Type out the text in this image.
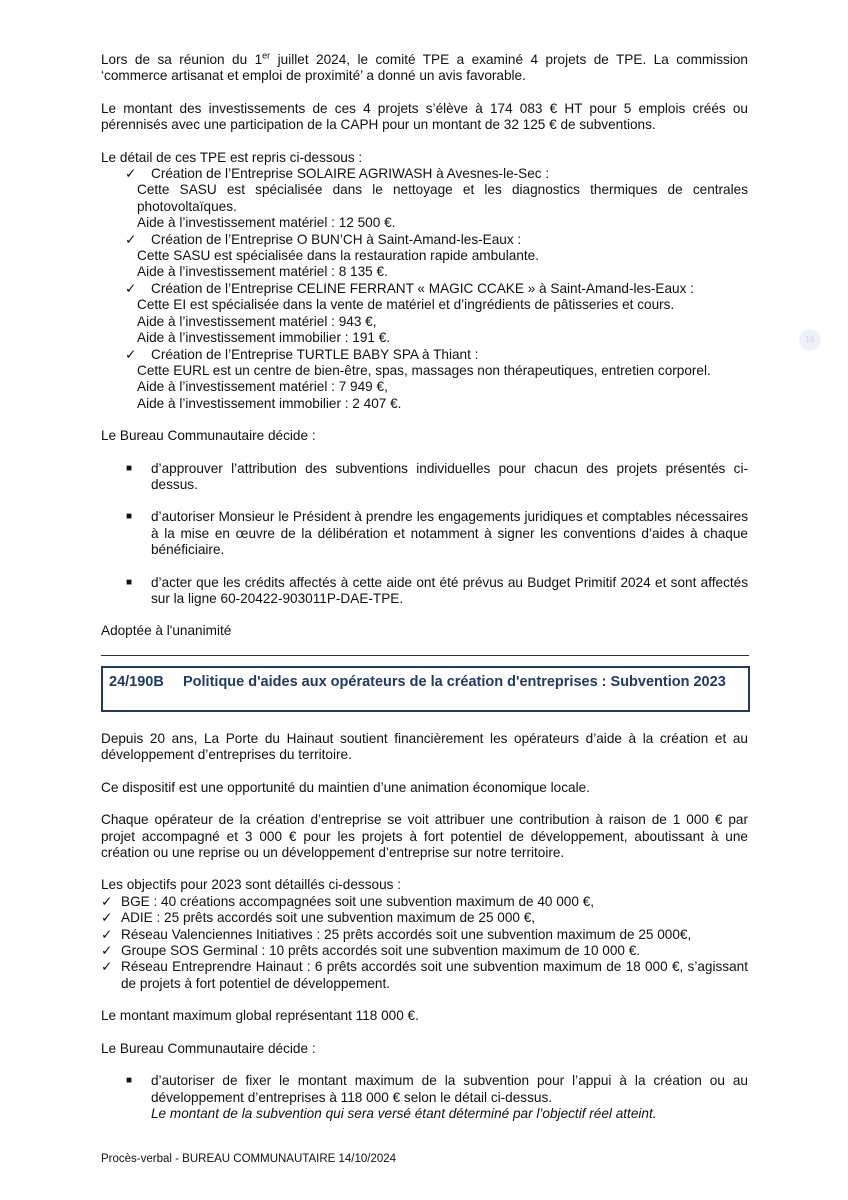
Lors de sa réunion du 1er juillet 2024, le comité TPE a examiné 4 projets de TPE. La commission ‘commerce artisanat et emploi de proximité’ a donné un avis favorable.

Le montant des investissements de ces 4 projets s’élève à 174 083 € HT pour 5 emplois créés ou pérennisés avec une participation de la CAPH pour un montant de 32 125 € de subventions.

Le détail de ces TPE est repris ci-dessous :

✓ Création de l’Entreprise SOLAIRE AGRIWASH à Avesnes-le-Sec :
Cette SASU est spécialisée dans le nettoyage et les diagnostics thermiques de centrales photovoltaïques.
Aide à l’investissement matériel : 12 500 €.
✓ Création de l’Entreprise O BUN’CH à Saint-Amand-les-Eaux :
Cette SASU est spécialisée dans la restauration rapide ambulante.
Aide à l’investissement matériel : 8 135 €.
✓ Création de l’Entreprise CELINE FERRANT « MAGIC CCAKE » à Saint-Amand-les-Eaux :
Cette EI est spécialisée dans la vente de matériel et d’ingrédients de pâtisseries et cours.
Aide à l’investissement matériel : 943 €,
Aide à l’investissement immobilier : 191 €.
✓ Création de l’Entreprise TURTLE BABY SPA à Thiant :
Cette EURL est un centre de bien-être, spas, massages non thérapeutiques, entretien corporel.
Aide à l’investissement matériel : 7 949 €,
Aide à l’investissement immobilier : 2 407 €.

Le Bureau Communautaire décide :

■ d’approuver l’attribution des subventions individuelles pour chacun des projets présentés ci-dessus.
■ d’autoriser Monsieur le Président à prendre les engagements juridiques et comptables nécessaires à la mise en œuvre de la délibération et notamment à signer les conventions d’aides à chaque bénéficiaire.
■ d’acter que les crédits affectés à cette aide ont été prévus au Budget Primitif 2024 et sont affectés sur la ligne 60-20422-903011P-DAE-TPE.

Adoptée à l'unanimité

24/190B Politique d'aides aux opérateurs de la création d'entreprises : Subvention 2023
16

Depuis 20 ans, La Porte du Hainaut soutient financièrement les opérateurs d’aide à la création et au développement d’entreprises du territoire.

Ce dispositif est une opportunité du maintien d’une animation économique locale.

Chaque opérateur de la création d’entreprise se voit attribuer une contribution à raison de 1 000 € par projet accompagné et 3 000 € pour les projets à fort potentiel de développement, aboutissant à une création ou une reprise ou un développement d’entreprise sur notre territoire.

Les objectifs pour 2023 sont détaillés ci-dessous :

✓ BGE : 40 créations accompagnées soit une subvention maximum de 40 000 €,
✓ ADIE : 25 prêts accordés soit une subvention maximum de 25 000 €,
✓ Réseau Valenciennes Initiatives : 25 prêts accordés soit une subvention maximum de 25 000€,
✓ Groupe SOS Germinal : 10 prêts accordés soit une subvention maximum de 10 000 €.
✓ Réseau Entreprendre Hainaut : 6 prêts accordés soit une subvention maximum de 18 000 €, s’agissant de projets à fort potentiel de développement.

Le montant maximum global représentant 118 000 €.

Le Bureau Communautaire décide :

■ d’autoriser de fixer le montant maximum de la subvention pour l’appui à la création ou au développement d’entreprises à 118 000 € selon le détail ci-dessus.
Le montant de la subvention qui sera versé étant déterminé par l’objectif réel atteint.
Procès-verbal - BUREAU COMMUNAUTAIRE 14/10/2024
